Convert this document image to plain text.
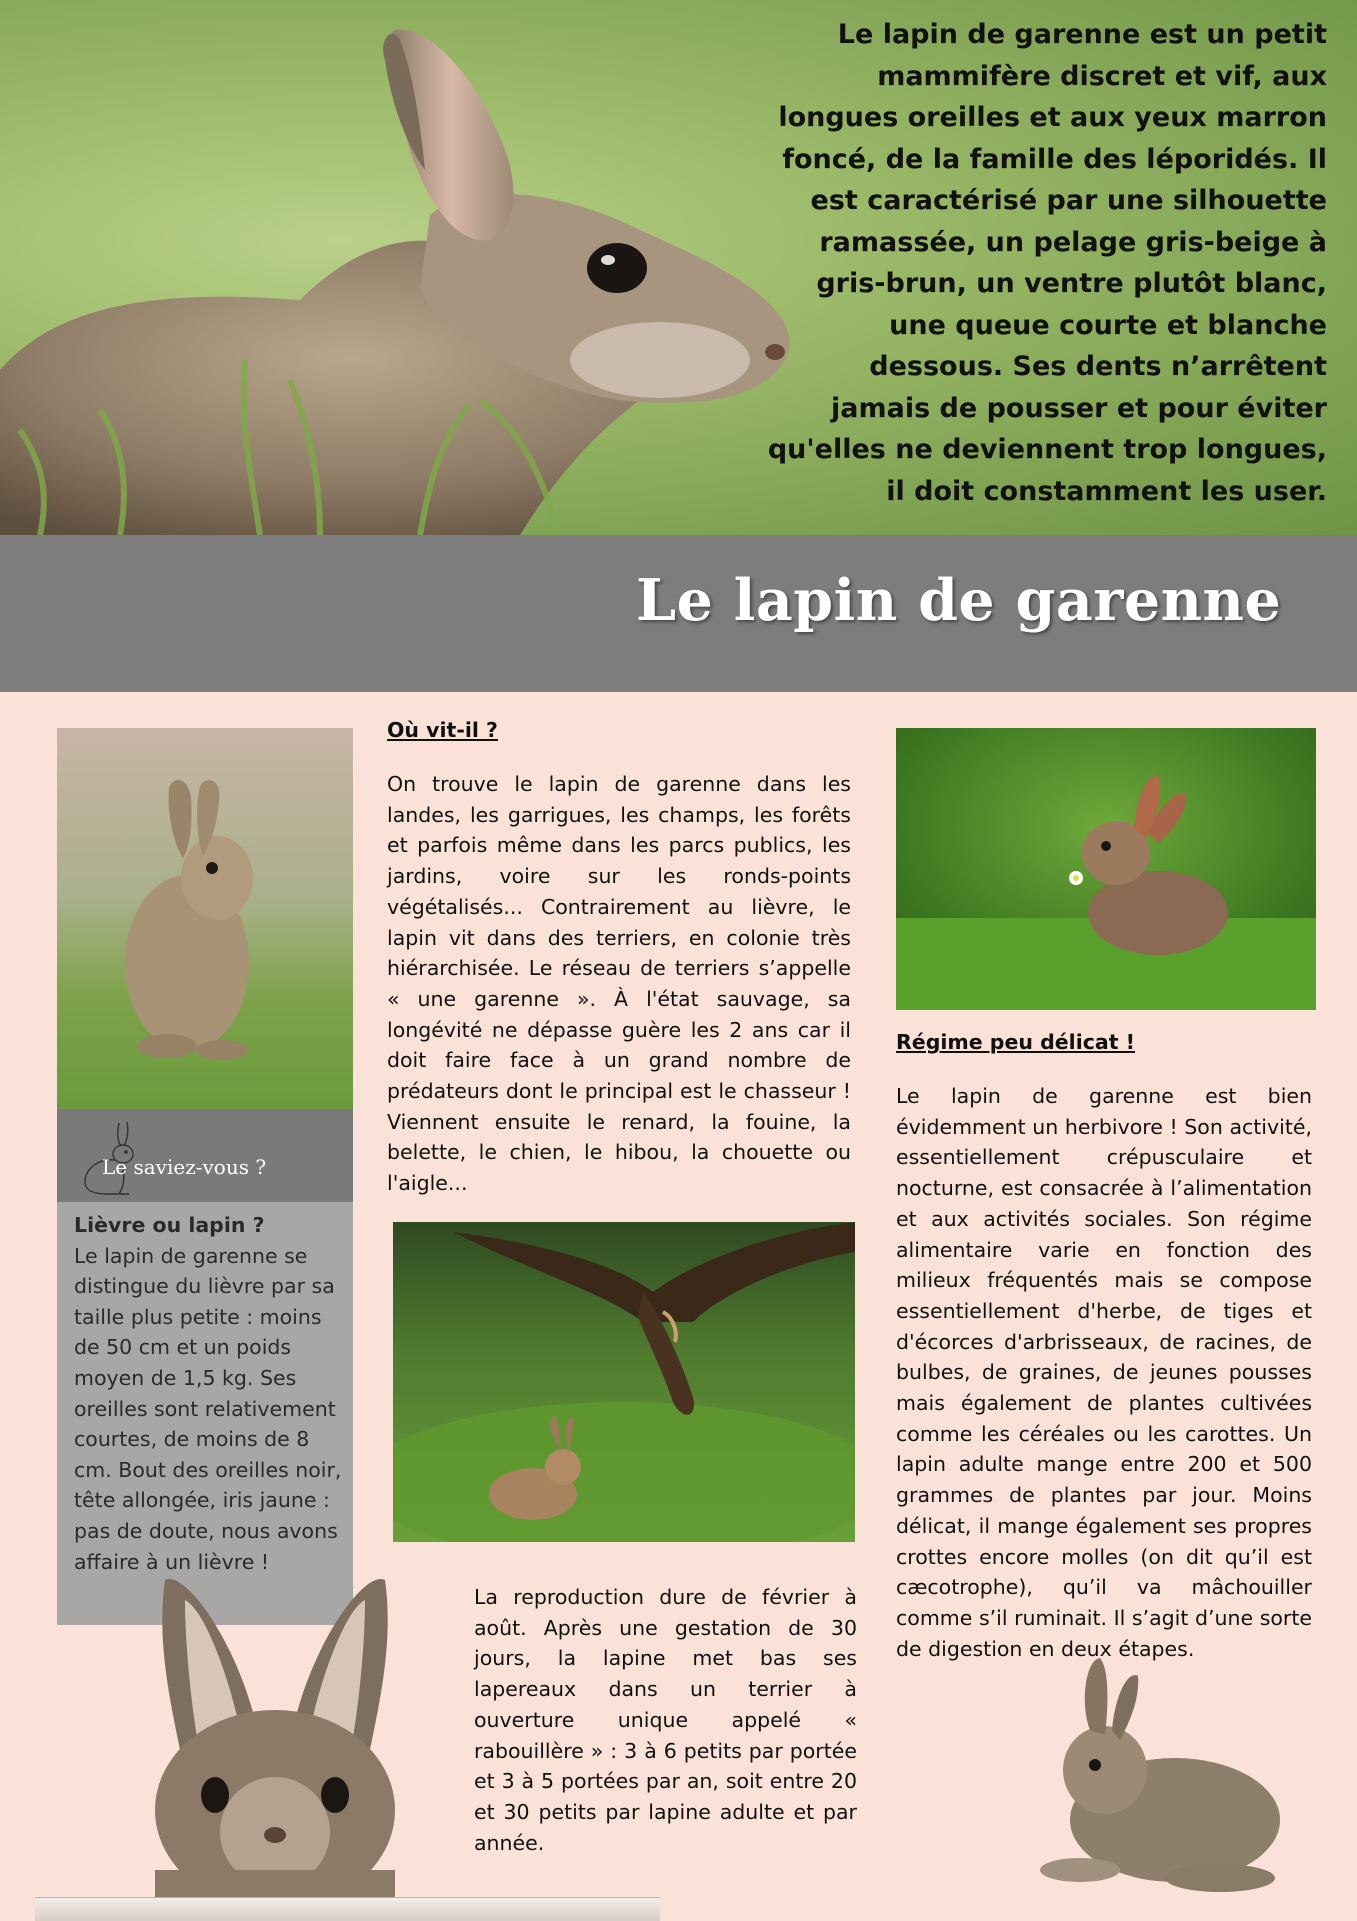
Le lapin de garenne est un petit mammifère discret et vif, aux longues oreilles et aux yeux marron foncé, de la famille des léporidés. Il est caractérisé par une silhouette ramassée, un pelage gris-beige à gris-brun, un ventre plutôt blanc, une queue courte et blanche dessous. Ses dents n’arrêtent jamais de pousser et pour éviter qu'elles ne deviennent trop longues, il doit constamment les user.
Le lapin de garenne
Le saviez-vous ?
Lièvre ou lapin ?
Le lapin de garenne se distingue du lièvre par sa taille plus petite : moins de 50 cm et un poids moyen de 1,5 kg. Ses oreilles sont relativement courtes, de moins de 8 cm. Bout des oreilles noir, tête allongée, iris jaune : pas de doute, nous avons affaire à un lièvre !
Où vit-il ?
On trouve le lapin de garenne dans les landes, les garrigues, les champs, les forêts et parfois même dans les parcs publics, les jardins, voire sur les ronds-points végétalisés... Contrairement au lièvre, le lapin vit dans des terriers, en colonie très hiérarchisée. Le réseau de terriers s’appelle « une garenne ». À l'état sauvage, sa longévité ne dépasse guère les 2 ans car il doit faire face à un grand nombre de prédateurs dont le principal est le chasseur ! Viennent ensuite le renard, la fouine, la belette, le chien, le hibou, la chouette ou l'aigle...
La reproduction dure de février à août. Après une gestation de 30 jours, la lapine met bas ses lapereaux dans un terrier à ouverture unique appelé « rabouillère » : 3 à 6 petits par portée et 3 à 5 portées par an, soit entre 20 et 30 petits par lapine adulte et par année.
Régime peu délicat !
Le lapin de garenne est bien évidemment un herbivore ! Son activité, essentiellement crépusculaire et nocturne, est consacrée à l’alimentation et aux activités sociales. Son régime alimentaire varie en fonction des milieux fréquentés mais se compose essentiellement d'herbe, de tiges et d'écorces d'arbrisseaux, de racines, de bulbes, de graines, de jeunes pousses mais également de plantes cultivées comme les céréales ou les carottes. Un lapin adulte mange entre 200 et 500 grammes de plantes par jour. Moins délicat, il mange également ses propres crottes encore molles (on dit qu’il est cæcotrophe), qu’il va mâchouiller comme s’il ruminait. Il s’agit d’une sorte de digestion en deux étapes.
